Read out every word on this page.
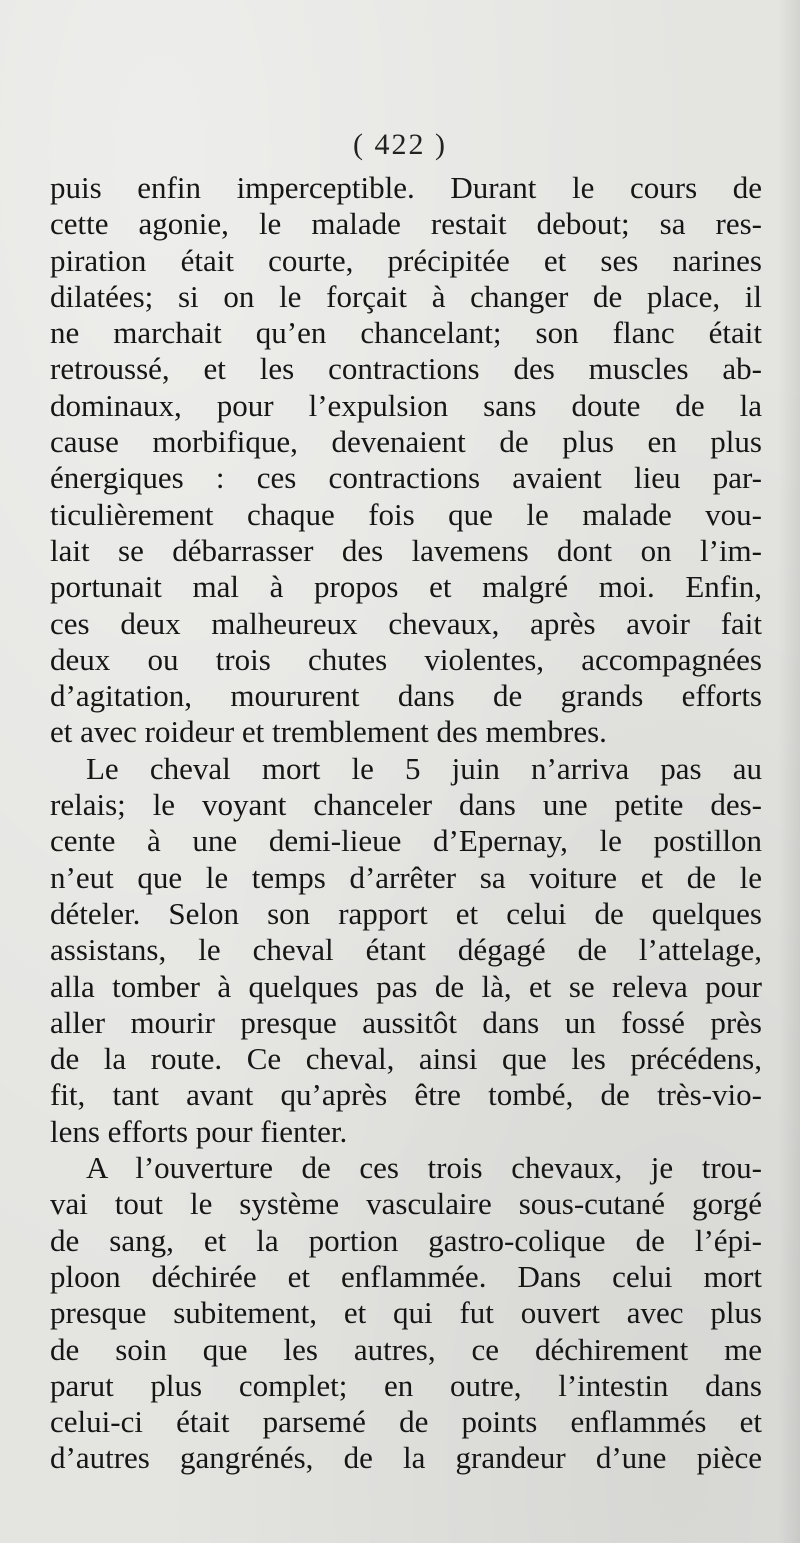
( 422 )
puis enfin imperceptible. Durant le cours de
cette agonie, le malade restait debout; sa res-
piration était courte, précipitée et ses narines
dilatées; si on le forçait à changer de place, il
ne marchait qu’en chancelant; son flanc était
retroussé, et les contractions des muscles ab-
dominaux, pour l’expulsion sans doute de la
cause morbifique, devenaient de plus en plus
énergiques : ces contractions avaient lieu par-
ticulièrement chaque fois que le malade vou-
lait se débarrasser des lavemens dont on l’im-
portunait mal à propos et malgré moi. Enfin,
ces deux malheureux chevaux, après avoir fait
deux ou trois chutes violentes, accompagnées
d’agitation, moururent dans de grands efforts
et avec roideur et tremblement des membres.
Le cheval mort le 5 juin n’arriva pas au
relais; le voyant chanceler dans une petite des-
cente à une demi-lieue d’Epernay, le postillon
n’eut que le temps d’arrêter sa voiture et de le
dételer. Selon son rapport et celui de quelques
assistans, le cheval étant dégagé de l’attelage,
alla tomber à quelques pas de là, et se releva pour
aller mourir presque aussitôt dans un fossé près
de la route. Ce cheval, ainsi que les précédens,
fit, tant avant qu’après être tombé, de très-vio-
lens efforts pour fienter.
A l’ouverture de ces trois chevaux, je trou-
vai tout le système vasculaire sous-cutané gorgé
de sang, et la portion gastro-colique de l’épi-
ploon déchirée et enflammée. Dans celui mort
presque subitement, et qui fut ouvert avec plus
de soin que les autres, ce déchirement me
parut plus complet; en outre, l’intestin dans
celui-ci était parsemé de points enflammés et
d’autres gangrénés, de la grandeur d’une pièce
